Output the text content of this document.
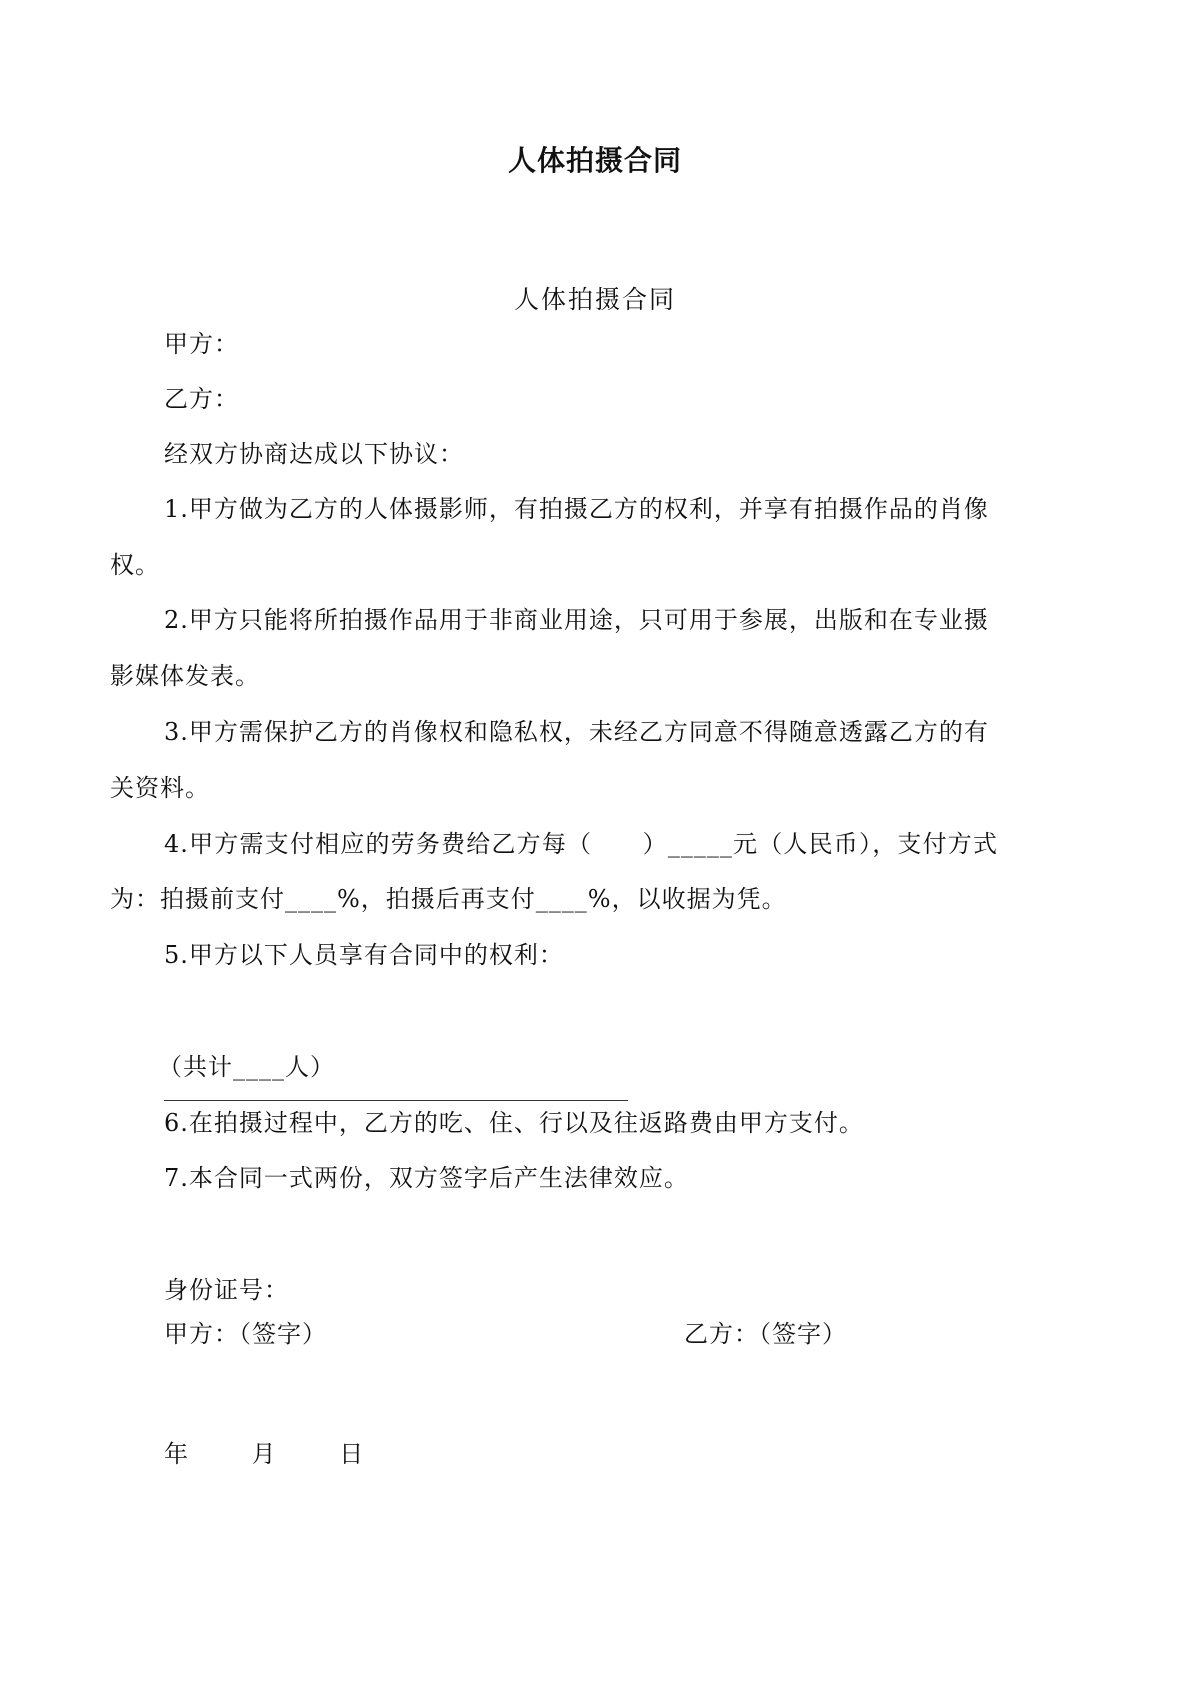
人体拍摄合同
人体拍摄合同
甲方：
乙方：
经双方协商达成以下协议：
1.甲方做为乙方的人体摄影师，有拍摄乙方的权利，并享有拍摄作品的肖像
权。
2.甲方只能将所拍摄作品用于非商业用途，只可用于参展，出版和在专业摄
影媒体发表。
3.甲方需保护乙方的肖像权和隐私权，未经乙方同意不得随意透露乙方的有
关资料。
4.甲方需支付相应的劳务费给乙方每（　　）_____元（人民币），支付方式
为：拍摄前支付____%，拍摄后再支付____%，以收据为凭。
5.甲方以下人员享有合同中的权利：
（共计____人）
6.在拍摄过程中，乙方的吃、住、行以及往返路费由甲方支付。
7.本合同一式两份，双方签字后产生法律效应。
甲方：（签字）	乙方：（签字）
身份证号：
年	月	日
